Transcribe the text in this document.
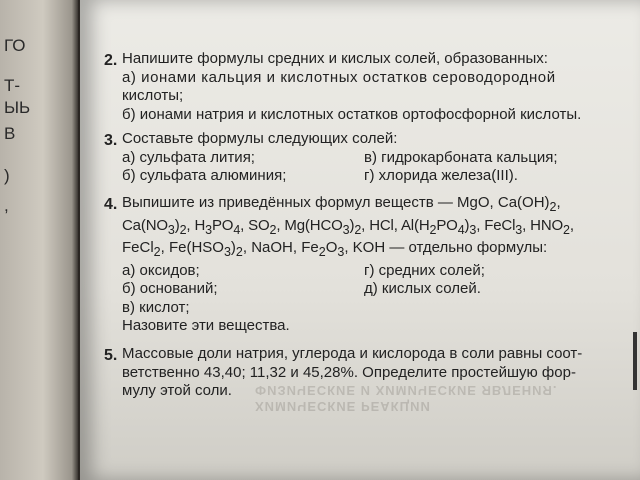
ГО
Т-
ЫЬ
В
)
,
ФИЗИЧЕСКИЕ И ХИМИЧЕСКИЕ ЯВЛЕНИЯ.
ХИМИЧЕСКИЕ РЕАКЦИИ
2. Напишите формулы средних и кислых солей, образованных:
а) ионами кальция и кислотных остатков сероводородной
кислоты;
б) ионами натрия и кислотных остатков ортофосфорной кислоты.
3. Составьте формулы следующих солей:
а) сульфата лития;
б) сульфата алюминия;
в) гидрокарбоната кальция;
г) хлорида железа(III).
4. Выпишите из приведённых формул веществ — MgO, $Ca(OH)_2$,
$Ca(NO_3)_2$, $H_3PO_4$, $SO_2$, $Mg(HCO_3)_2$, HCl, $Al(H_2PO_4)_3$, FeCl$_3$, $HNO_2$,
FeCl$_2$, $Fe(HSO_3)_2$, NaOH, $Fe_2O_3$, KOH — отдельно формулы:
а) оксидов;
б) оснований;
в) кислот;
Назовите эти вещества.
г) средних солей;
д) кислых солей.
5. Массовые доли натрия, углерода и кислорода в соли равны соот-
ветственно 43,40; 11,32 и 45,28%. Определите простейшую фор-
мулу этой соли.
